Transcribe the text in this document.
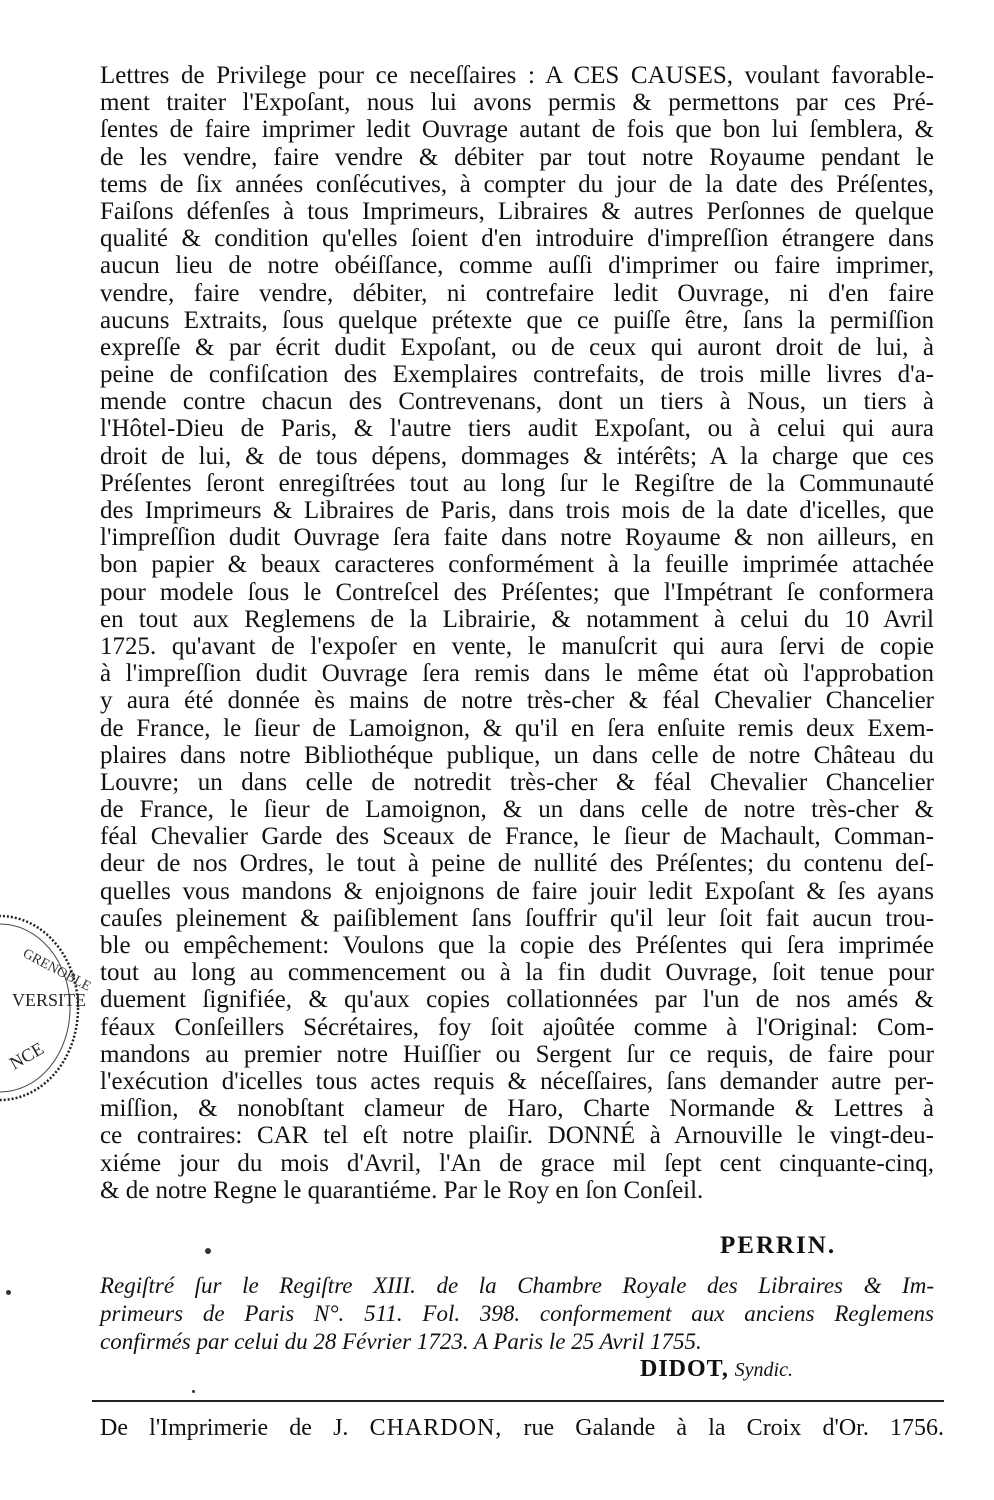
VERSITE
GRENOBLE
NCE
Lettres de Privilege pour ce neceſſaires : A CES CAUSES, voulant favorable-
ment traiter l'Expoſant, nous lui avons permis & permettons par ces Pré-
ſentes de faire imprimer ledit Ouvrage autant de fois que bon lui ſemblera, &
de les vendre, faire vendre & débiter par tout notre Royaume pendant le
tems de ſix années conſécutives, à compter du jour de la date des Préſentes,
Faiſons défenſes à tous Imprimeurs, Libraires & autres Perſonnes de quelque
qualité & condition qu'elles ſoient d'en introduire d'impreſſion étrangere dans
aucun lieu de notre obéiſſance, comme auſſi d'imprimer ou faire imprimer,
vendre, faire vendre, débiter, ni contrefaire ledit Ouvrage, ni d'en faire
aucuns Extraits, ſous quelque prétexte que ce puiſſe être, ſans la permiſſion
expreſſe & par écrit dudit Expoſant, ou de ceux qui auront droit de lui, à
peine de confiſcation des Exemplaires contrefaits, de trois mille livres d'a-
mende contre chacun des Contrevenans, dont un tiers à Nous, un tiers à
l'Hôtel-Dieu de Paris, & l'autre tiers audit Expoſant, ou à celui qui aura
droit de lui, & de tous dépens, dommages & intérêts; A la charge que ces
Préſentes ſeront enregiſtrées tout au long ſur le Regiſtre de la Communauté
des Imprimeurs & Libraires de Paris, dans trois mois de la date d'icelles, que
l'impreſſion dudit Ouvrage ſera faite dans notre Royaume & non ailleurs, en
bon papier & beaux caracteres conformément à la feuille imprimée attachée
pour modele ſous le Contreſcel des Préſentes; que l'Impétrant ſe conformera
en tout aux Reglemens de la Librairie, & notamment à celui du 10 Avril
1725. qu'avant de l'expoſer en vente, le manuſcrit qui aura ſervi de copie
à l'impreſſion dudit Ouvrage ſera remis dans le même état où l'approbation
y aura été donnée ès mains de notre très-cher & féal Chevalier Chancelier
de France, le ſieur de Lamoignon, & qu'il en ſera enſuite remis deux Exem-
plaires dans notre Bibliothéque publique, un dans celle de notre Château du
Louvre; un dans celle de notredit très-cher & féal Chevalier Chancelier
de France, le ſieur de Lamoignon, & un dans celle de notre très-cher &
féal Chevalier Garde des Sceaux de France, le ſieur de Machault, Comman-
deur de nos Ordres, le tout à peine de nullité des Préſentes; du contenu deſ-
quelles vous mandons & enjoignons de faire jouir ledit Expoſant & ſes ayans
cauſes pleinement & paiſiblement ſans ſouffrir qu'il leur ſoit fait aucun trou-
ble ou empêchement: Voulons que la copie des Préſentes qui ſera imprimée
tout au long au commencement ou à la fin dudit Ouvrage, ſoit tenue pour
duement ſignifiée, & qu'aux copies collationnées par l'un de nos amés &
féaux Conſeillers Sécrétaires, foy ſoit ajoûtée comme à l'Original: Com-
mandons au premier notre Huiſſier ou Sergent ſur ce requis, de faire pour
l'exécution d'icelles tous actes requis & néceſſaires, ſans demander autre per-
miſſion, & nonobſtant clameur de Haro, Charte Normande & Lettres à
ce contraires: CAR tel eſt notre plaiſir. DONNÉ à Arnouville le vingt-deu-
xiéme jour du mois d'Avril, l'An de grace mil ſept cent cinquante-cinq,
& de notre Regne le quarantiéme. Par le Roy en ſon Conſeil.
PERRIN.
Regiſtré ſur le Regiſtre XIII. de la Chambre Royale des Libraires & Im-
primeurs de Paris N°. 511. Fol. 398. conformement aux anciens Reglemens
confirmés par celui du 28 Février 1723. A Paris le 25 Avril 1755.
DIDOT, Syndic.
De l'Imprimerie de J. CHARDON, rue Galande à la Croix d'Or. 1756.
